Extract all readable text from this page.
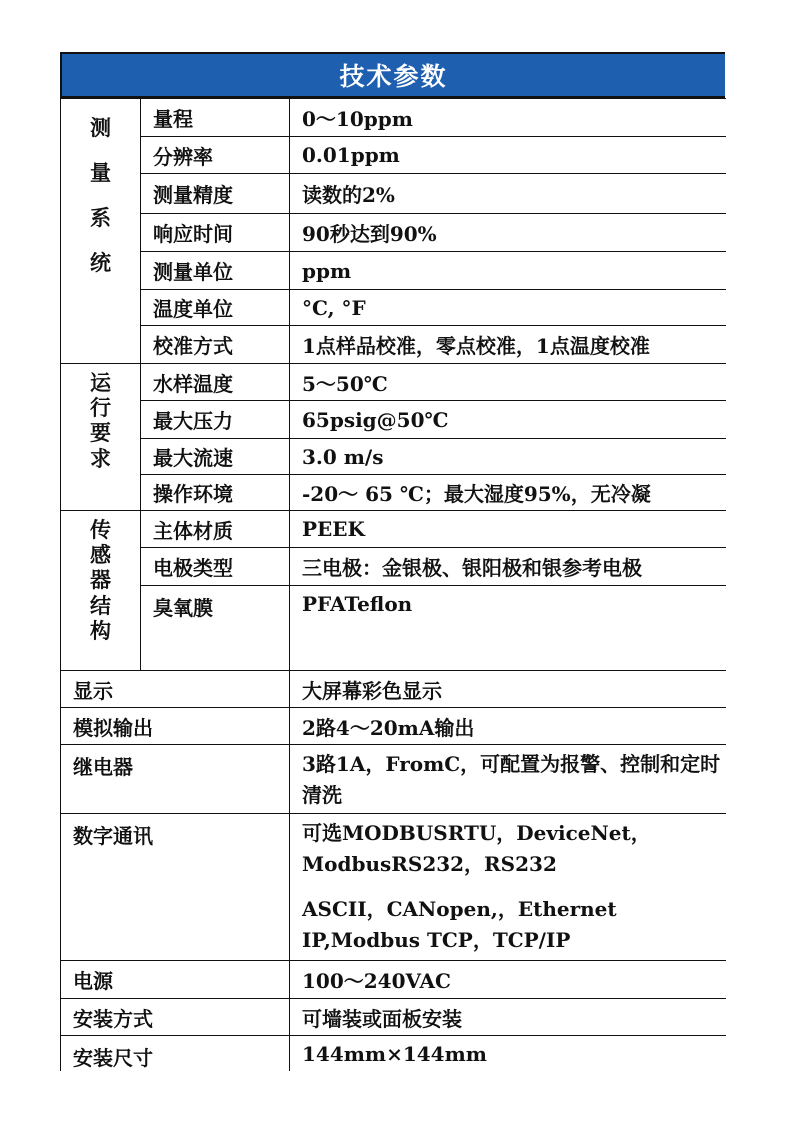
技术参数
测量系统	量程	0～10ppm
	分辨率	0.01ppm
	测量精度	读数的2%
	响应时间	90秒达到90%
	测量单位	ppm
	温度单位	°C, °F
	校准方式	1点样品校准，零点校准，1点温度校准
运行要求	水样温度	5～50℃
	最大压力	65psig@50℃
	最大流速	3.0 m/s
	操作环境	-20～ 65 ℃；最大湿度95%，无冷凝
传感器结构	主体材质	PEEK
	电极类型	三电极：金银极、银阳极和银参考电极
	臭氧膜	PFATeflon
显示		大屏幕彩色显示
模拟输出		2路4～20mA输出
继电器		3路1A，FromC，可配置为报警、控制和定时清洗
数字通讯		可选MODBUSRTU，DeviceNet，ModbusRS232，RS232

ASCII，CANopen,，Ethernet IP,Modbus TCP，TCP/IP

电源		100～240VAC
安装方式		可墙装或面板安装
安装尺寸		144mm×144mm
